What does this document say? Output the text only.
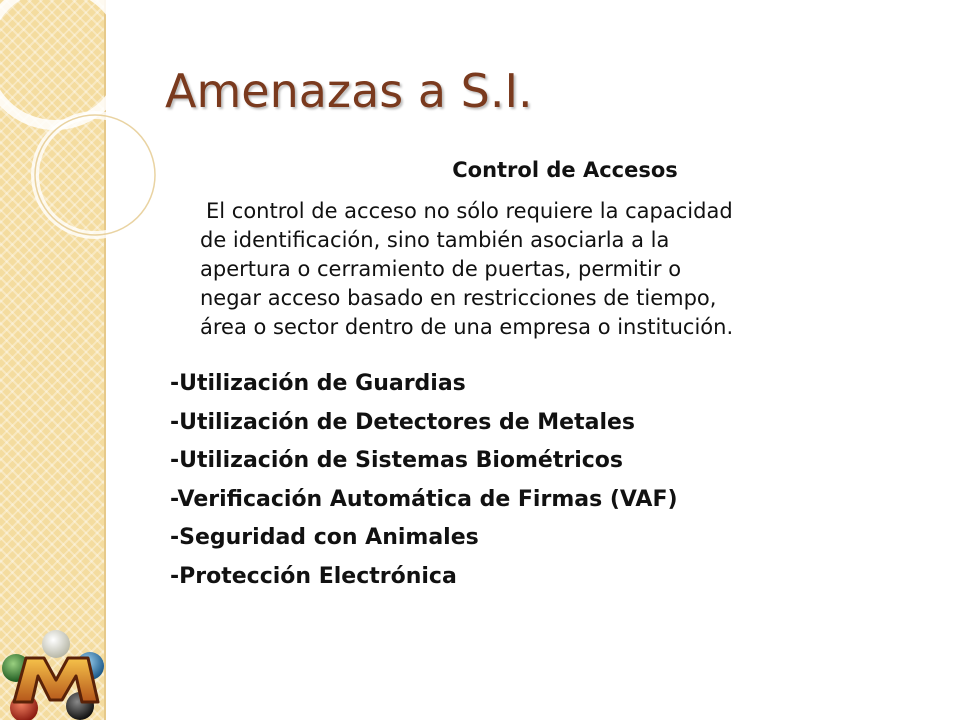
Amenazas a S.I.
Control de Accesos
El control de acceso no sólo requiere la capacidad de identificación, sino también asociarla a la apertura o cerramiento de puertas, permitir o negar acceso basado en restricciones de tiempo, área o sector dentro de una empresa o institución.
-Utilización de Guardias
-Utilización de Detectores de Metales
-Utilización de Sistemas Biométricos
-Verificación Automática de Firmas (VAF)
-Seguridad con Animales
-Protección Electrónica
